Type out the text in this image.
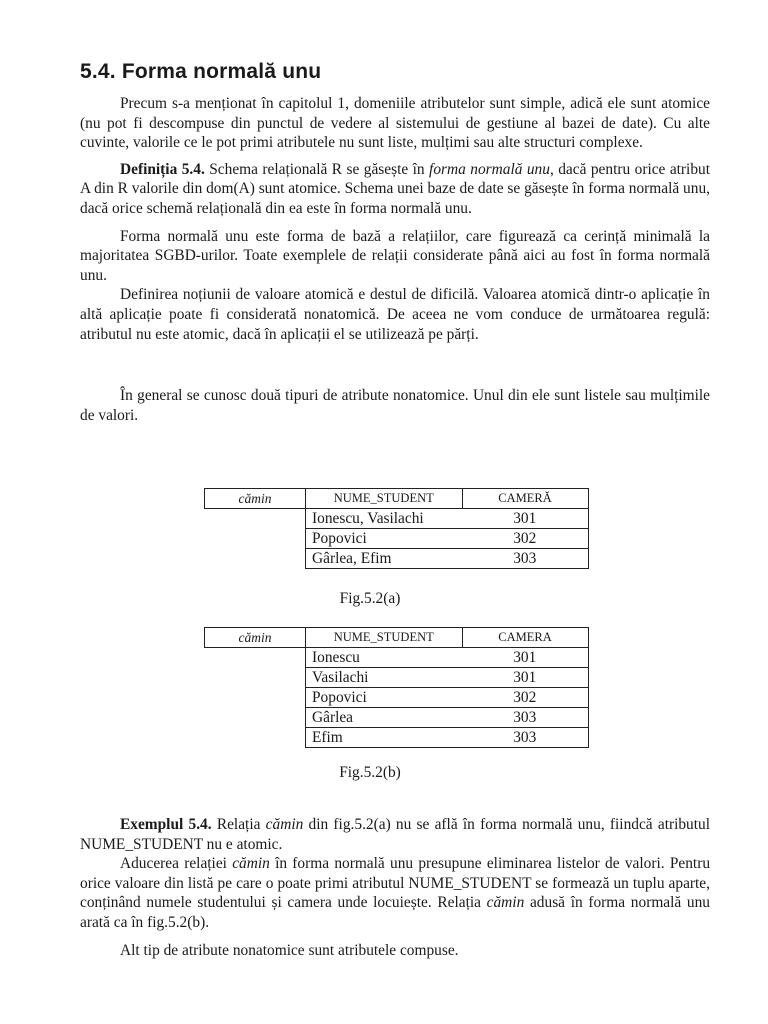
5.4. Forma normală unu

Precum s-a menționat în capitolul 1, domeniile atributelor sunt simple, adică ele sunt atomice (nu pot fi descompuse din punctul de vedere al sistemului de gestiune al bazei de date). Cu alte cuvinte, valorile ce le pot primi atributele nu sunt liste, mulțimi sau alte structuri complexe.

Definiția 5.4. Schema relațională R se găsește în forma normală unu, dacă pentru orice atribut A din R valorile din dom(A) sunt atomice. Schema unei baze de date se găsește în forma normală unu, dacă orice schemă relațională din ea este în forma normală unu.

Forma normală unu este forma de bază a relațiilor, care figurează ca cerință minimală la majoritatea SGBD-urilor. Toate exemplele de relații considerate până aici au fost în forma normală unu.

Definirea noțiunii de valoare atomică e destul de dificilă. Valoarea atomică dintr-o aplicație în altă aplicație poate fi considerată nonatomică. De aceea ne vom conduce de următoarea regulă: atributul nu este atomic, dacă în aplicații el se utilizează pe părți.

În general se cunosc două tipuri de atribute nonatomice. Unul din ele sunt listele sau mulțimile de valori.

cămin	NUME_STUDENT	CAMERĂ
	Ionescu, Vasilachi	301
	Popovici	302
	Gârlea, Efim	303
Fig.5.2(a)
cămin	NUME_STUDENT	CAMERA
	Ionescu	301
	Vasilachi	301
	Popovici	302
	Gârlea	303
	Efim	303
Fig.5.2(b)

Exemplul 5.4. Relația cămin din fig.5.2(a) nu se află în forma normală unu, fiindcă atributul NUME_STUDENT nu e atomic.

Aducerea relației cămin în forma normală unu presupune eliminarea listelor de valori. Pentru orice valoare din listă pe care o poate primi atributul NUME_STUDENT se formează un tuplu aparte, conținând numele studentului și camera unde locuiește. Relația cămin adusă în forma normală unu arată ca în fig.5.2(b).

Alt tip de atribute nonatomice sunt atributele compuse.
